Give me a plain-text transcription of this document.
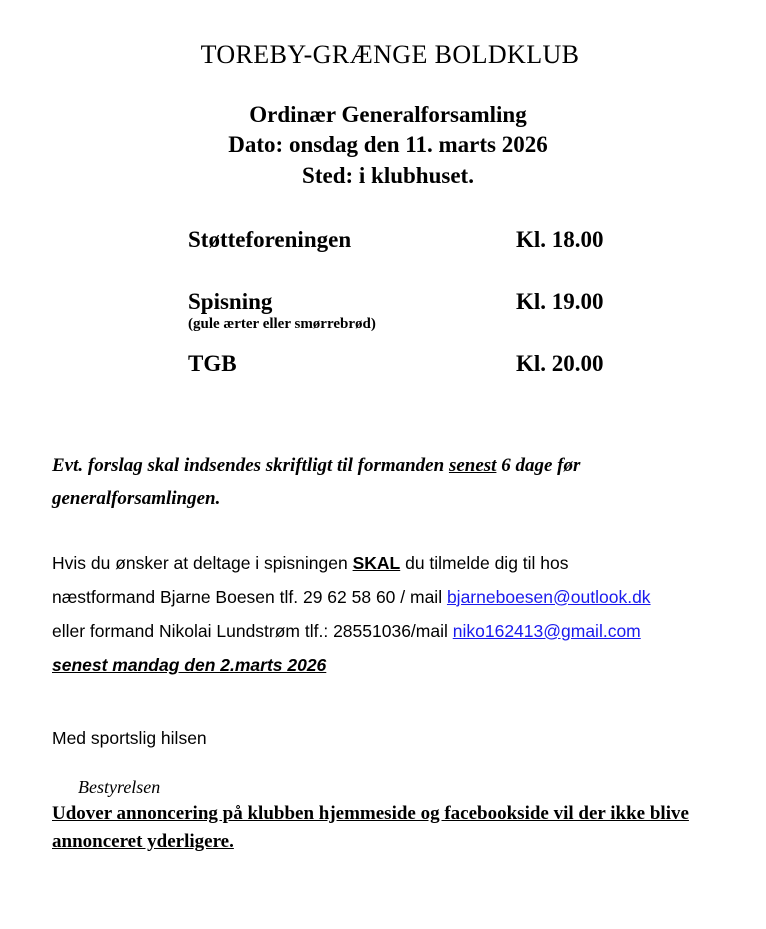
TOREBY-GRÆNGE BOLDKLUB
Ordinær Generalforsamling
Dato: onsdag den 11. marts 2026
Sted: i klubhuset.
Støtteforeningen	Kl. 18.00
Spisning
(gule ærter eller smørrebrød)	Kl. 19.00
TGB	Kl. 20.00

Evt. forslag skal indsendes skriftligt til formanden senest 6 dage før generalforsamlingen.

Hvis du ønsker at deltage i spisningen SKAL du tilmelde dig til hos
næstformand Bjarne Boesen tlf. 29 62 58 60 / mail bjarneboesen@outlook.dk
eller formand Nikolai Lundstrøm tlf.: 28551036/mail niko162413@gmail.com
senest mandag den 2.marts 2026

Med sportslig hilsen

Bestyrelsen

Udover annoncering på klubben hjemmeside og facebookside vil der ikke blive
annonceret yderligere.
